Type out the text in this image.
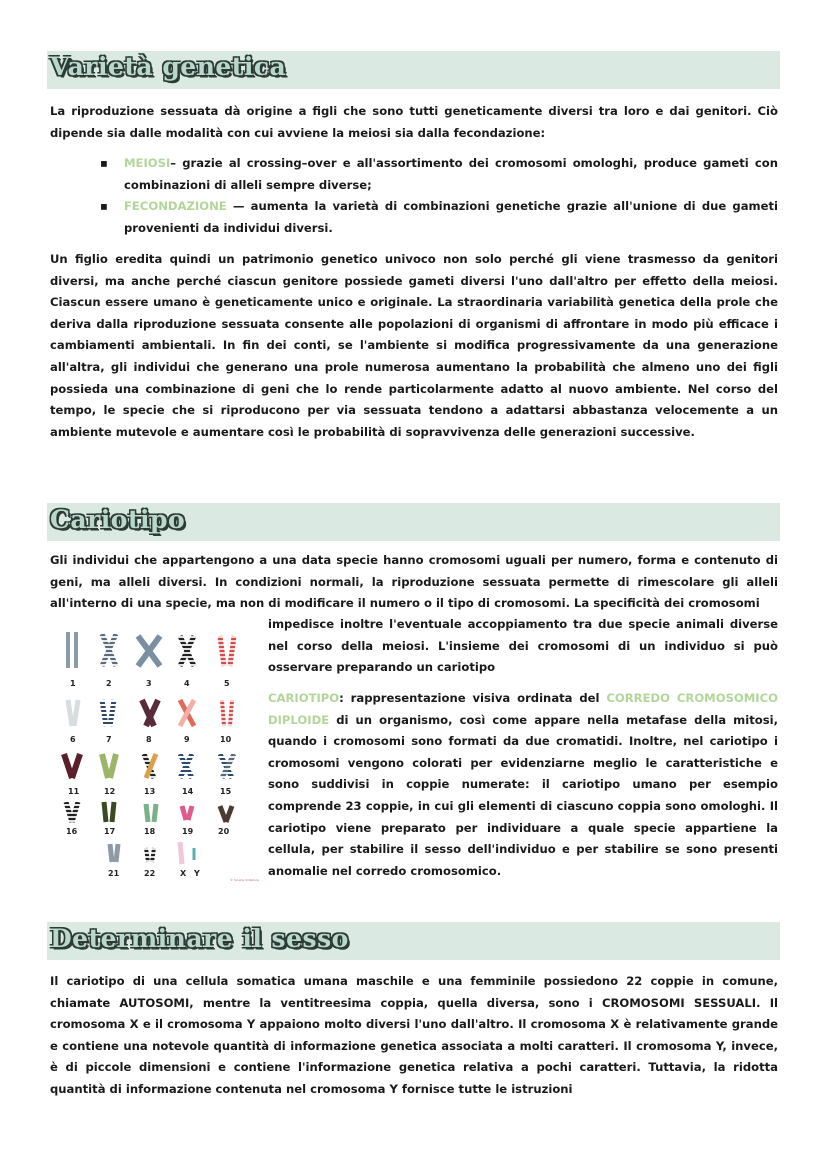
Varietà genetica

La riproduzione sessuata dà origine a figli che sono tutti geneticamente diversi tra loro e dai genitori. Ciò dipende sia dalle modalità con cui avviene la meiosi sia dalla fecondazione:

▪ MEIOSI– grazie al crossing–over e all'assortimento dei cromosomi omologhi, produce gameti con combinazioni di alleli sempre diverse;
▪ FECONDAZIONE — aumenta la varietà di combinazioni genetiche grazie all'unione di due gameti provenienti da individui diversi.

Un figlio eredita quindi un patrimonio genetico univoco non solo perché gli viene trasmesso da genitori diversi, ma anche perché ciascun genitore possiede gameti diversi l'uno dall'altro per effetto della meiosi. Ciascun essere umano è geneticamente unico e originale. La straordinaria variabilità genetica della prole che deriva dalla riproduzione sessuata consente alle popolazioni di organismi di affrontare in modo più efficace i cambiamenti ambientali. In fin dei conti, se l'ambiente si modifica progressivamente da una generazione all'altra, gli individui che generano una prole numerosa aumentano la probabilità che almeno uno dei figli possieda una combinazione di geni che lo rende particolarmente adatto al nuovo ambiente. Nel corso del tempo, le specie che si riproducono per via sessuata tendono a adattarsi abbastanza velocemente a un ambiente mutevole e aumentare così le probabilità di sopravvivenza delle generazioni successive.

Cariotipo

Gli individui che appartengono a una data specie hanno cromosomi uguali per numero, forma e contenuto di geni, ma alleli diversi. In condizioni normali, la riproduzione sessuata permette di rimescolare gli alleli all'interno di una specie, ma non di modificare il numero o il tipo di cromosomi. La specificità dei cromosomi

impedisce inoltre l'eventuale accoppiamento tra due specie animali diverse nel corso della meiosi. L'insieme dei cromosomi di un individuo si può osservare preparando un cariotipo

CARIOTIPO: rappresentazione visiva ordinata del CORREDO CROMOSOMICO DIPLOIDE di un organismo, così come appare nella metafase della mitosi, quando i cromosomi sono formati da due cromatidi. Inoltre, nel cariotipo i cromosomi vengono colorati per evidenziarne meglio le caratteristiche e sono suddivisi in coppie numerate: il cariotipo umano per esempio comprende 23 coppie, in cui gli elementi di ciascuno coppia sono omologhi. Il cariotipo viene preparato per individuare a quale specie appartiene la cellula, per stabilire il sesso dell'individuo e per stabilire se sono presenti anomalie nel corredo cromosomico.

1	2	3	4	5
6	7	8	9	10
11	12	13	14	15
16	17	18	19	20
21	22	X Y
© Scuola di Natura
Determinare il sesso

Il cariotipo di una cellula somatica umana maschile e una femminile possiedono 22 coppie in comune, chiamate AUTOSOMI, mentre la ventitreesima coppia, quella diversa, sono i CROMOSOMI SESSUALI. Il cromosoma X e il cromosoma Y appaiono molto diversi l'uno dall'altro. Il cromosoma X è relativamente grande e contiene una notevole quantità di informazione genetica associata a molti caratteri. Il cromosoma Y, invece, è di piccole dimensioni e contiene l'informazione genetica relativa a pochi caratteri. Tuttavia, la ridotta quantità di informazione contenuta nel cromosoma Y fornisce tutte le istruzioni
